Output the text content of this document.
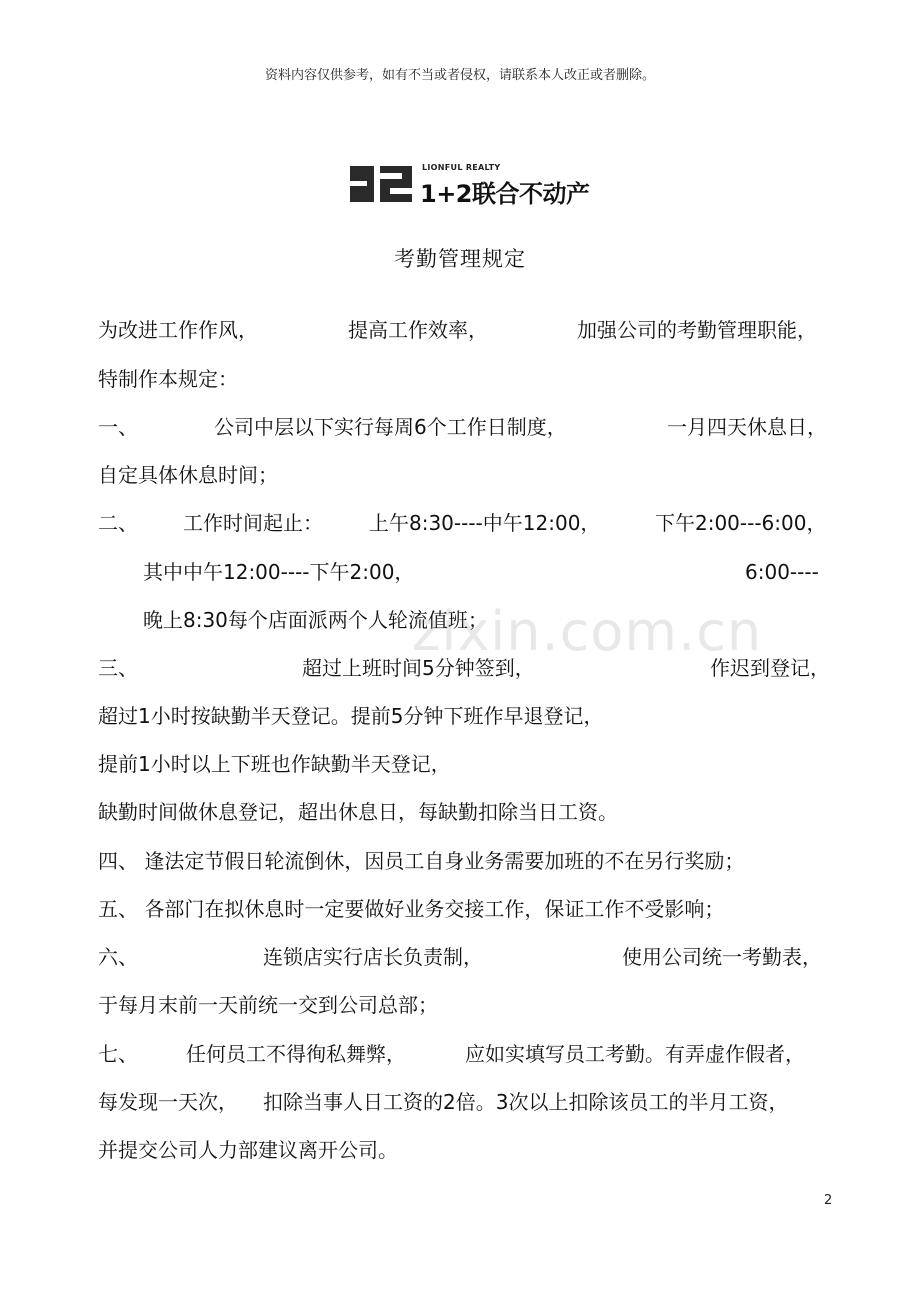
资料内容仅供参考，如有不当或者侵权，请联系本人改正或者删除。
LIONFUL REALTY
1+2联合不动产
考勤管理规定
为改进工作作风，	提高工作效率，	加强公司的考勤管理职能，
特制作本规定：
一、	公司中层以下实行每周6个工作日制度，	一月四天休息日，
自定具体休息时间；
二、 工作时间起止： 上午8:30----中午12:00，	下午2:00---6:00，
其中中午12:00----下午2:00，	6:00----
晚上8:30每个店面派两个人轮流值班；
三、	超过上班时间5分钟签到，	作迟到登记，
超过1小时按缺勤半天登记。提前5分钟下班作早退登记，
提前1小时以上下班也作缺勤半天登记，
缺勤时间做休息登记，超出休息日，每缺勤扣除当日工资。
四、 逢法定节假日轮流倒休，因员工自身业务需要加班的不在另行奖励；
五、 各部门在拟休息时一定要做好业务交接工作，保证工作不受影响；
六、	连锁店实行店长负责制，	使用公司统一考勤表，
于每月末前一天前统一交到公司总部；
七、 任何员工不得徇私舞弊，	应如实填写员工考勤。有弄虚作假者，
每发现一天次， 扣除当事人日工资的2倍。3次以上扣除该员工的半月工资，
并提交公司人力部建议离开公司。
zixin.com.cn
2
